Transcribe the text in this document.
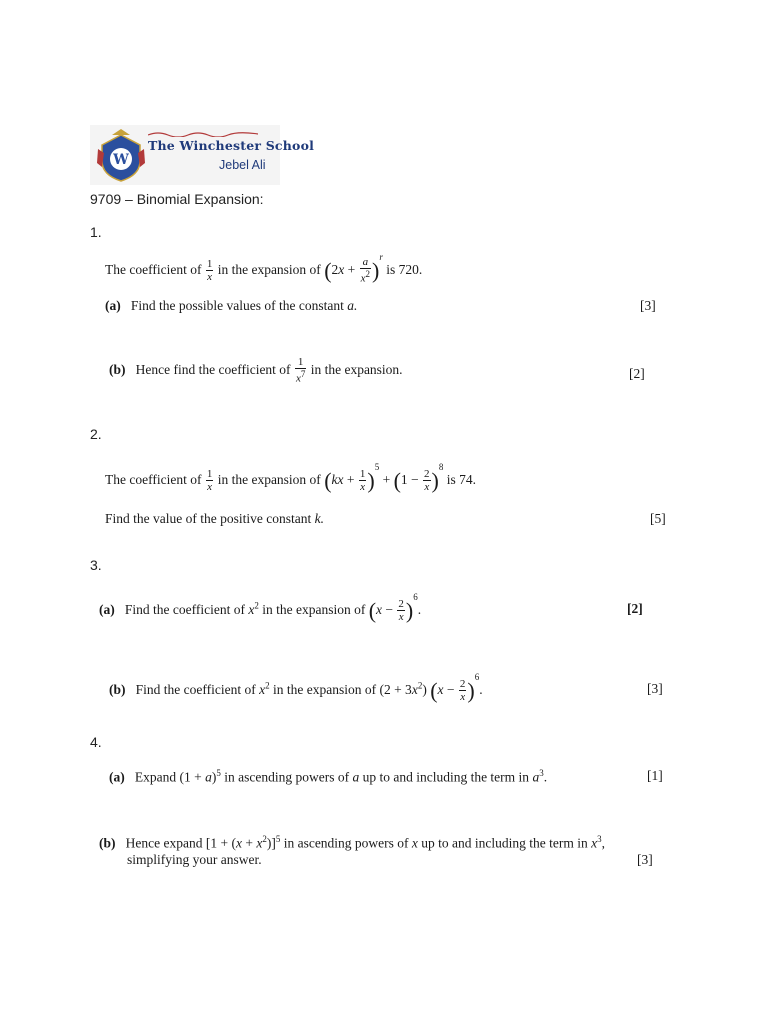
W
The Winchester School
Jebel Ali
9709 – Binomial Expansion:
1.
The coefficient of $\frac{1}{x}$ in the expansion of $(2x + \frac{a}{x^2} )^r$ is 720.
(a) Find the possible values of the constant a.	[3]
(b) Hence find the coefficient of $\frac{1}{x^7}$ in the expansion.	[2]
2.
The coefficient of $\frac{1}{x}$ in the expansion of $(kx + \frac{1}{x} )^5 + (1 - \frac{2}{x} )^8$ is 74.
Find the value of the positive constant k.	[5]
3.
(a) Find the coefficient of $x^2$ in the expansion of $(x - \frac{2}{x} )^6$.	[2]
(b) Find the coefficient of $x^2$ in the expansion of $(2 + 3x^2)$ $(x - \frac{2}{x} )^6$.	[3]
4.
(a) Expand $(1 + a)^5$ in ascending powers of a up to and including the term in $a^3$.	[1]
(b) Hence expand $[1 + (x + x^2)]^5$ in ascending powers of x up to and including the term in $x^3$,
simplifying your answer.	[3]
